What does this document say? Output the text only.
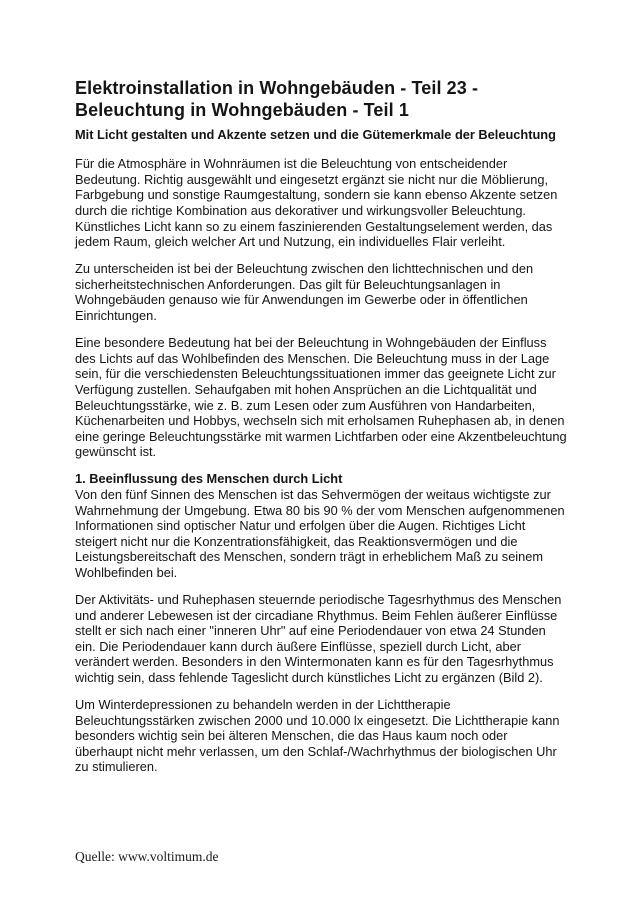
Elektroinstallation in Wohngebäuden - Teil 23 -
Beleuchtung in Wohngebäuden - Teil 1

Mit Licht gestalten und Akzente setzen und die Gütemerkmale der Beleuchtung

Für die Atmosphäre in Wohnräumen ist die Beleuchtung von entscheidender Bedeutung. Richtig ausgewählt und eingesetzt ergänzt sie nicht nur die Möblierung, Farbgebung und sonstige Raumgestaltung, sondern sie kann ebenso Akzente setzen durch die richtige Kombination aus dekorativer und wirkungsvoller Beleuchtung. Künstliches Licht kann so zu einem faszinierenden Gestaltungselement werden, das jedem Raum, gleich welcher Art und Nutzung, ein individuelles Flair verleiht.

Zu unterscheiden ist bei der Beleuchtung zwischen den lichttechnischen und den sicherheitstechnischen Anforderungen. Das gilt für Beleuchtungsanlagen in Wohngebäuden genauso wie für Anwendungen im Gewerbe oder in öffentlichen Einrichtungen.

Eine besondere Bedeutung hat bei der Beleuchtung in Wohngebäuden der Einfluss des Lichts auf das Wohlbefinden des Menschen. Die Beleuchtung muss in der Lage sein, für die verschiedensten Beleuchtungssituationen immer das geeignete Licht zur Verfügung zustellen. Sehaufgaben mit hohen Ansprüchen an die Lichtqualität und Beleuchtungsstärke, wie z. B. zum Lesen oder zum Ausführen von Handarbeiten, Küchenarbeiten und Hobbys, wechseln sich mit erholsamen Ruhephasen ab, in denen eine geringe Beleuchtungsstärke mit warmen Lichtfarben oder eine Akzentbeleuchtung gewünscht ist.

1. Beeinflussung des Menschen durch Licht

Von den fünf Sinnen des Menschen ist das Sehvermögen der weitaus wichtigste zur Wahrnehmung der Umgebung. Etwa 80 bis 90 % der vom Menschen aufgenommenen Informationen sind optischer Natur und erfolgen über die Augen. Richtiges Licht steigert nicht nur die Konzentrationsfähigkeit, das Reaktionsvermögen und die Leistungsbereitschaft des Menschen, sondern trägt in erheblichem Maß zu seinem Wohlbefinden bei.

Der Aktivitäts- und Ruhephasen steuernde periodische Tagesrhythmus des Menschen und anderer Lebewesen ist der circadiane Rhythmus. Beim Fehlen äußerer Einflüsse stellt er sich nach einer "inneren Uhr" auf eine Periodendauer von etwa 24 Stunden ein. Die Periodendauer kann durch äußere Einflüsse, speziell durch Licht, aber verändert werden. Besonders in den Wintermonaten kann es für den Tagesrhythmus wichtig sein, dass fehlende Tageslicht durch künstliches Licht zu ergänzen (Bild 2).

Um Winterdepressionen zu behandeln werden in der Lichttherapie Beleuchtungsstärken zwischen 2000 und 10.000 lx eingesetzt. Die Lichttherapie kann besonders wichtig sein bei älteren Menschen, die das Haus kaum noch oder überhaupt nicht mehr verlassen, um den Schlaf-/Wachrhythmus der biologischen Uhr zu stimulieren.

Quelle: www.voltimum.de
